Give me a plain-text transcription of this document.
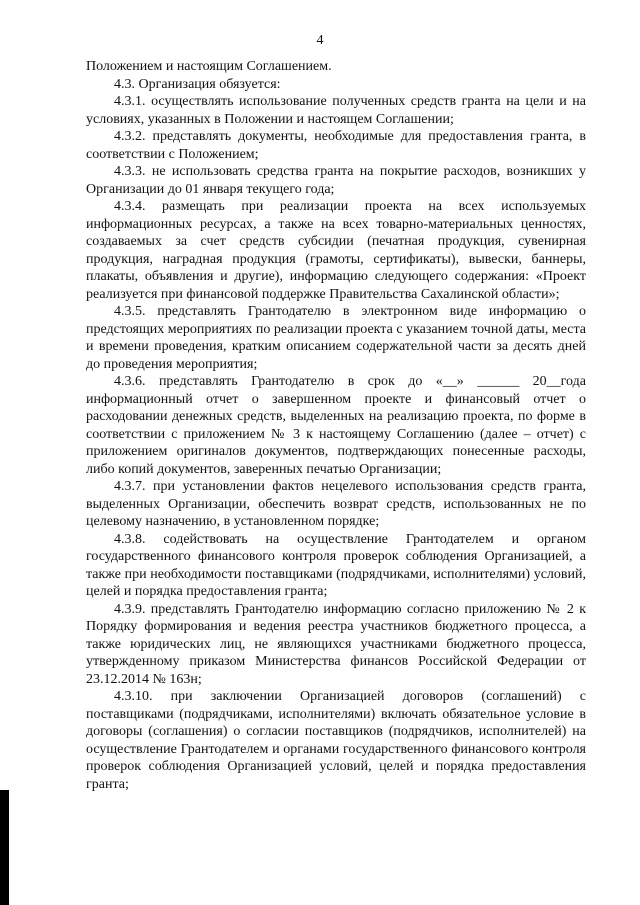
4

Положением и настоящим Соглашением.

4.3. Организация обязуется:

4.3.1. осуществлять использование полученных средств гранта на цели и на условиях, указанных в Положении и настоящем Соглашении;

4.3.2. представлять документы, необходимые для предоставления гранта, в соответствии с Положением;

4.3.3. не использовать средства гранта на покрытие расходов, возникших у Организации до 01 января текущего года;

4.3.4. размещать при реализации проекта на всех используемых информационных ресурсах, а также на всех товарно-материальных ценностях, создаваемых за счет средств субсидии (печатная продукция, сувенирная продукция, наградная продукция (грамоты, сертификаты), вывески, баннеры, плакаты, объявления и другие), информацию следующего содержания: «Проект реализуется при финансовой поддержке Правительства Сахалинской области»;

4.3.5. представлять Грантодателю в электронном виде информацию о предстоящих мероприятиях по реализации проекта с указанием точной даты, места и времени проведения, кратким описанием содержательной части за десять дней до проведения мероприятия;

4.3.6. представлять Грантодателю в срок до «__» ______ 20__года информационный отчет о завершенном проекте и финансовый отчет о расходовании денежных средств, выделенных на реализацию проекта, по форме в соответствии с приложением № 3 к настоящему Соглашению (далее – отчет) с приложением оригиналов документов, подтверждающих понесенные расходы, либо копий документов, заверенных печатью Организации;

4.3.7. при установлении фактов нецелевого использования средств гранта, выделенных Организации, обеспечить возврат средств, использованных не по целевому назначению, в установленном порядке;

4.3.8. содействовать на осуществление Грантодателем и органом государственного финансового контроля проверок соблюдения Организацией, а также при необходимости поставщиками (подрядчиками, исполнителями) условий, целей и порядка предоставления гранта;

4.3.9. представлять Грантодателю информацию согласно приложению № 2 к Порядку формирования и ведения реестра участников бюджетного процесса, а также юридических лиц, не являющихся участниками бюджетного процесса, утвержденному приказом Министерства финансов Российской Федерации от 23.12.2014 № 163н;

4.3.10. при заключении Организацией договоров (соглашений) с поставщиками (подрядчиками, исполнителями) включать обязательное условие в договоры (соглашения) о согласии поставщиков (подрядчиков, исполнителей) на осуществление Грантодателем и органами государственного финансового контроля проверок соблюдения Организацией условий, целей и порядка предоставления гранта;
